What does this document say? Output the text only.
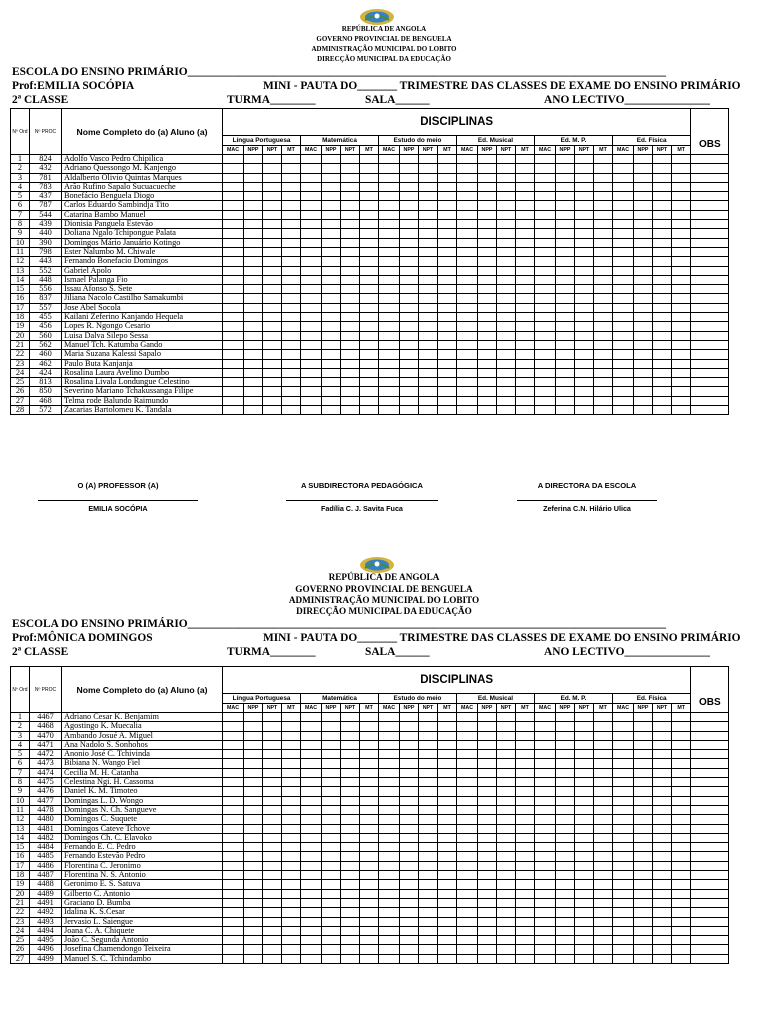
REPÚBLICA DE ANGOLA
GOVERNO PROVINCIAL DE BENGUELA
ADMINISTRAÇÃO MUNICIPAL DO LOBITO
DIRECÇÃO MUNICIPAL DA EDUCAÇÃO
ESCOLA DO ENSINO PRIMÁRIO____________________________________________________________________________________
Prof:EMILIA SOCÓPIA	MINI - PAUTA DO_______ TRIMESTRE DAS CLASSES DE EXAME DO ENSINO PRIMÁRIO
2ª CLASSE	TURMA________	SALA______	ANO LECTIVO_______________
Nº Ord	Nº PROC	Nome Completo do (a) Aluno (a)	DISCIPLINAS																								OBS
			Língua Portuguesa				Matemática				Estudo do meio				Ed. Musical				Ed. M. P.				Ed. Física				
			MAC	NPP	NPT	MT	MAC	NPP	NPT	MT	MAC	NPP	NPT	MT	MAC	NPP	NPT	MT	MAC	NPP	NPT	MT	MAC	NPP	NPT	MT	
1	824	Adolfo Vasco Pedro Chipilica																									
2	432	Adriano Quessongo M. Kanjengo																									
3	781	Aldalberto Olivio Quintas Marques																									
4	783	Arão Rufino Sapalo Sucuacueche																									
5	437	Bonefácio Benguela Diogo																									
6	787	Carlos Eduardo Sambindja Tito																									
7	544	Catarina Bambo Manuel																									
8	439	Dionisia Panguela Estevão																									
9	440	Doliana Ngalo Tchipongue Palata																									
10	390	Domingos Mário Januário Kotingo																									
11	798	Ester Nalumbo M. Chiwale																									
12	443	Fernando Bonefacio Domingos																									
13	552	Gabriel Apolo																									
14	448	Ismael Palanga Fio																									
15	556	Issau Afonso S. Sete																									
16	837	Jiliana Nacolo Castilho Samakumbi																									
17	557	Jose Abel Socola																									
18	455	Kailani Zeferino Kanjando Hequela																									
19	456	Lopes R. Ngongo Cesario																									
20	560	Luisa Dalva Silepo Sessa																									
21	562	Manuel Tch. Katumba Gando																									
22	460	Maria Suzana Kalessi Sapalo																									
23	462	Paulo Buta Kanjanja																									
24	424	Rosalina Laura Avelino Dumbo																									
25	813	Rosalina Livala Londungue Celestino																									
26	850	Severino Mariano Tchakussanga Filipe																									
27	468	Telma rode Balundo Raimundo																									
28	572	Zacarias Bartolomeu K. Tandala																									
O (A) PROFESSOR (A)
EMILIA SOCÓPIA
A SUBDIRECTORA PEDAGÓGICA
Fadília C. J. Savita Fuca
A DIRECTORA DA ESCOLA
Zeferina C.N. Hilário Ulica
REPÚBLICA DE ANGOLA
GOVERNO PROVINCIAL DE BENGUELA
ADMINISTRAÇÃO MUNICIPAL DO LOBITO
DIRECÇÃO MUNICIPAL DA EDUCAÇÃO
ESCOLA DO ENSINO PRIMÁRIO____________________________________________________________________________________
Prof:MÔNICA DOMINGOS	MINI - PAUTA DO_______ TRIMESTRE DAS CLASSES DE EXAME DO ENSINO PRIMÁRIO
2ª CLASSE	TURMA________	SALA______	ANO LECTIVO_______________
Nº Ord	Nº PROC	Nome Completo do (a) Aluno (a)	DISCIPLINAS																								OBS
			Língua Portuguesa				Matemática				Estudo do meio				Ed. Musical				Ed. M. P.				Ed. Física				
			MAC	NPP	NPT	MT	MAC	NPP	NPT	MT	MAC	NPP	NPT	MT	MAC	NPP	NPT	MT	MAC	NPP	NPT	MT	MAC	NPP	NPT	MT	
1	4467	Adriano Cesar K. Benjamim																									
2	4468	Agostingo K. Muecalia																									
3	4470	Ambando Josué A. Miguel																									
4	4471	Ana Nadolo S. Sonhohos																									
5	4472	Anonio José C. Tchivinda																									
6	4473	Bibiana N. Wango Fiel																									
7	4474	Cecilia M. H. Catanha																									
8	4475	Celestina Ngi. H. Cassoma																									
9	4476	Daniel K. M. Timoteo																									
10	4477	Domingas L. D. Wongo																									
11	4478	Domingas N. Ch. Sangueve																									
12	4480	Domingos C. Suquete																									
13	4481	Domingos Cateve Tchove																									
14	4482	Domingos Ch. C. Elavoko																									
15	4484	Fernando E. C. Pedro																									
16	4485	Fernando Estevão Pedro																									
17	4486	Florentina C. Jeronimo																									
18	4487	Florentina N. S. Antonio																									
19	4488	Geronimo E. S. Satuva																									
20	4489	Gilberto C. Antonio																									
21	4491	Graciano D. Bumba																									
22	4492	Idalina K. S.Cesar																									
23	4493	Jervasio L. Saiengue																									
24	4494	Joana C. A. Chiquete																									
25	4495	João C. Segunda Antonio																									
26	4496	Josefina Chamendongo Teixeira																									
27	4499	Manuel S. C. Tchindambo																									
